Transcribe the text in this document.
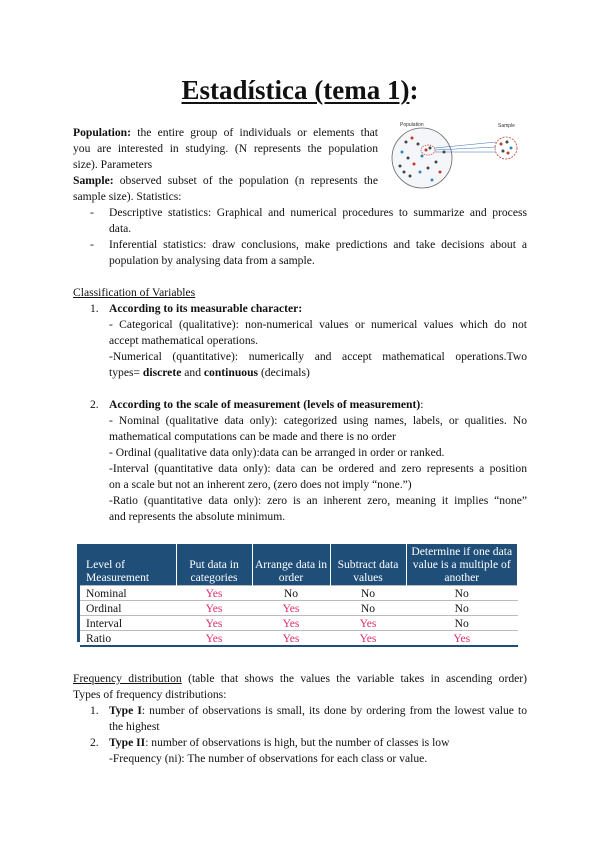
Estadística (tema 1):
Population	Sample
Population: the entire group of individuals or elements that
you are interested in studying. (N represents the population
size). Parameters
Sample: observed subset of the population (n represents the
sample size). Statistics:
- Descriptive statistics: Graphical and numerical procedures to summarize and process
data.
- Inferential statistics: draw conclusions, make predictions and take decisions about a
population by analysing data from a sample.
Classification of Variables
1. According to its measurable character:
- Categorical (qualitative): non-numerical values or numerical values which do not
accept mathematical operations.
-Numerical (quantitative): numerically and accept mathematical operations.Two
types= discrete and continuous (decimals)
2. According to the scale of measurement (levels of measurement):
- Nominal (qualitative data only): categorized using names, labels, or qualities. No
mathematical computations can be made and there is no order
- Ordinal (qualitative data only):data can be arranged in order or ranked.
-Interval (quantitative data only): data can be ordered and zero represents a position
on a scale but not an inherent zero, (zero does not imply “none.”)
-Ratio (quantitative data only): zero is an inherent zero, meaning it implies “none”
and represents the absolute minimum.
Level of Measurement	Put data in categories	Arrange data in order	Subtract data values	Determine if one data value is a multiple of another
Nominal	Yes	No	No	No
Ordinal	Yes	Yes	No	No
Interval	Yes	Yes	Yes	No
Ratio	Yes	Yes	Yes	Yes
Frequency distribution (table that shows the values the variable takes in ascending order)
Types of frequency distributions:
1. Type I: number of observations is small, its done by ordering from the lowest value to
the highest
2. Type II: number of observations is high, but the number of classes is low
-Frequency (ni): The number of observations for each class or value.
